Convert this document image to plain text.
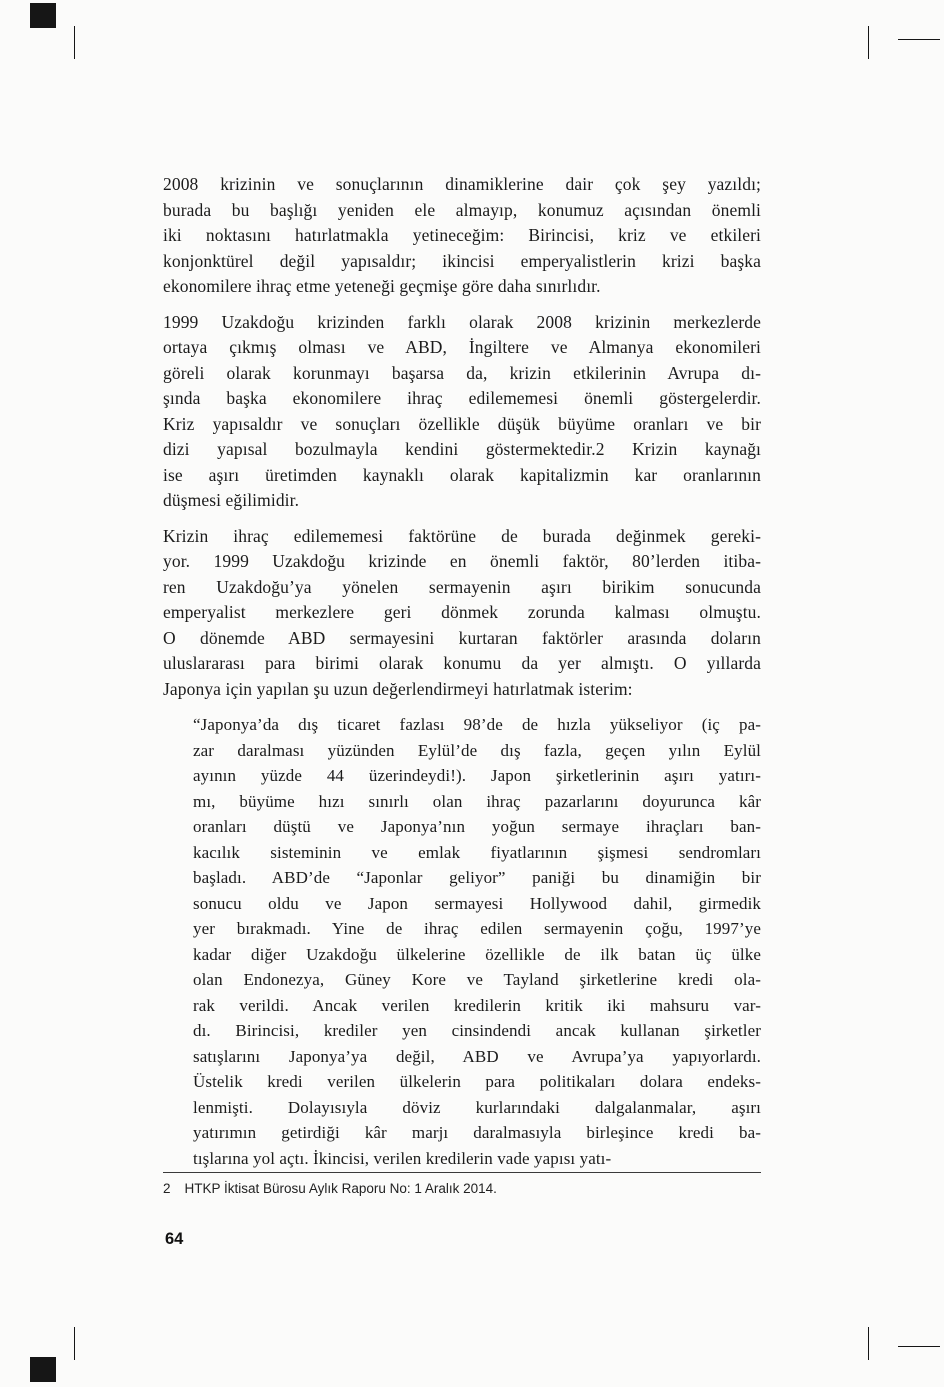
2008 krizinin ve sonuçlarının dinamiklerine dair çok şey yazıldı;
burada bu başlığı yeniden ele almayıp, konumuz açısından önemli
iki noktasını hatırlatmakla yetineceğim: Birincisi, kriz ve etkileri
konjonktürel değil yapısaldır; ikincisi emperyalistlerin krizi başka
ekonomilere ihraç etme yeteneği geçmişe göre daha sınırlıdır.
1999 Uzakdoğu krizinden farklı olarak 2008 krizinin merkezlerde
ortaya çıkmış olması ve ABD, İngiltere ve Almanya ekonomileri
göreli olarak korunmayı başarsa da, krizin etkilerinin Avrupa dı-
şında başka ekonomilere ihraç edilememesi önemli göstergelerdir.
Kriz yapısaldır ve sonuçları özellikle düşük büyüme oranları ve bir
dizi yapısal bozulmayla kendini göstermektedir.2 Krizin kaynağı
ise aşırı üretimden kaynaklı olarak kapitalizmin kar oranlarının
düşmesi eğilimidir.
Krizin ihraç edilememesi faktörüne de burada değinmek gereki-
yor. 1999 Uzakdoğu krizinde en önemli faktör, 80’lerden itiba-
ren Uzakdoğu’ya yönelen sermayenin aşırı birikim sonucunda
emperyalist merkezlere geri dönmek zorunda kalması olmuştu.
O dönemde ABD sermayesini kurtaran faktörler arasında doların
uluslararası para birimi olarak konumu da yer almıştı. O yıllarda
Japonya için yapılan şu uzun değerlendirmeyi hatırlatmak isterim:
“Japonya’da dış ticaret fazlası 98’de de hızla yükseliyor (iç pa-
zar daralması yüzünden Eylül’de dış fazla, geçen yılın Eylül
ayının yüzde 44 üzerindeydi!). Japon şirketlerinin aşırı yatırı-
mı, büyüme hızı sınırlı olan ihraç pazarlarını doyurunca kâr
oranları düştü ve Japonya’nın yoğun sermaye ihraçları ban-
kacılık sisteminin ve emlak fiyatlarının şişmesi sendromları
başladı. ABD’de “Japonlar geliyor” paniği bu dinamiğin bir
sonucu oldu ve Japon sermayesi Hollywood dahil, girmedik
yer bırakmadı. Yine de ihraç edilen sermayenin çoğu, 1997’ye
kadar diğer Uzakdoğu ülkelerine özellikle de ilk batan üç ülke
olan Endonezya, Güney Kore ve Tayland şirketlerine kredi ola-
rak verildi. Ancak verilen kredilerin kritik iki mahsuru var-
dı. Birincisi, krediler yen cinsindendi ancak kullanan şirketler
satışlarını Japonya’ya değil, ABD ve Avrupa’ya yapıyorlardı.
Üstelik kredi verilen ülkelerin para politikaları dolara endeks-
lenmişti. Dolayısıyla döviz kurlarındaki dalgalanmalar, aşırı
yatırımın getirdiği kâr marjı daralmasıyla birleşince kredi ba-
tışlarına yol açtı. İkincisi, verilen kredilerin vade yapısı yatı-
2 HTKP İktisat Bürosu Aylık Raporu No: 1 Aralık 2014.
64
